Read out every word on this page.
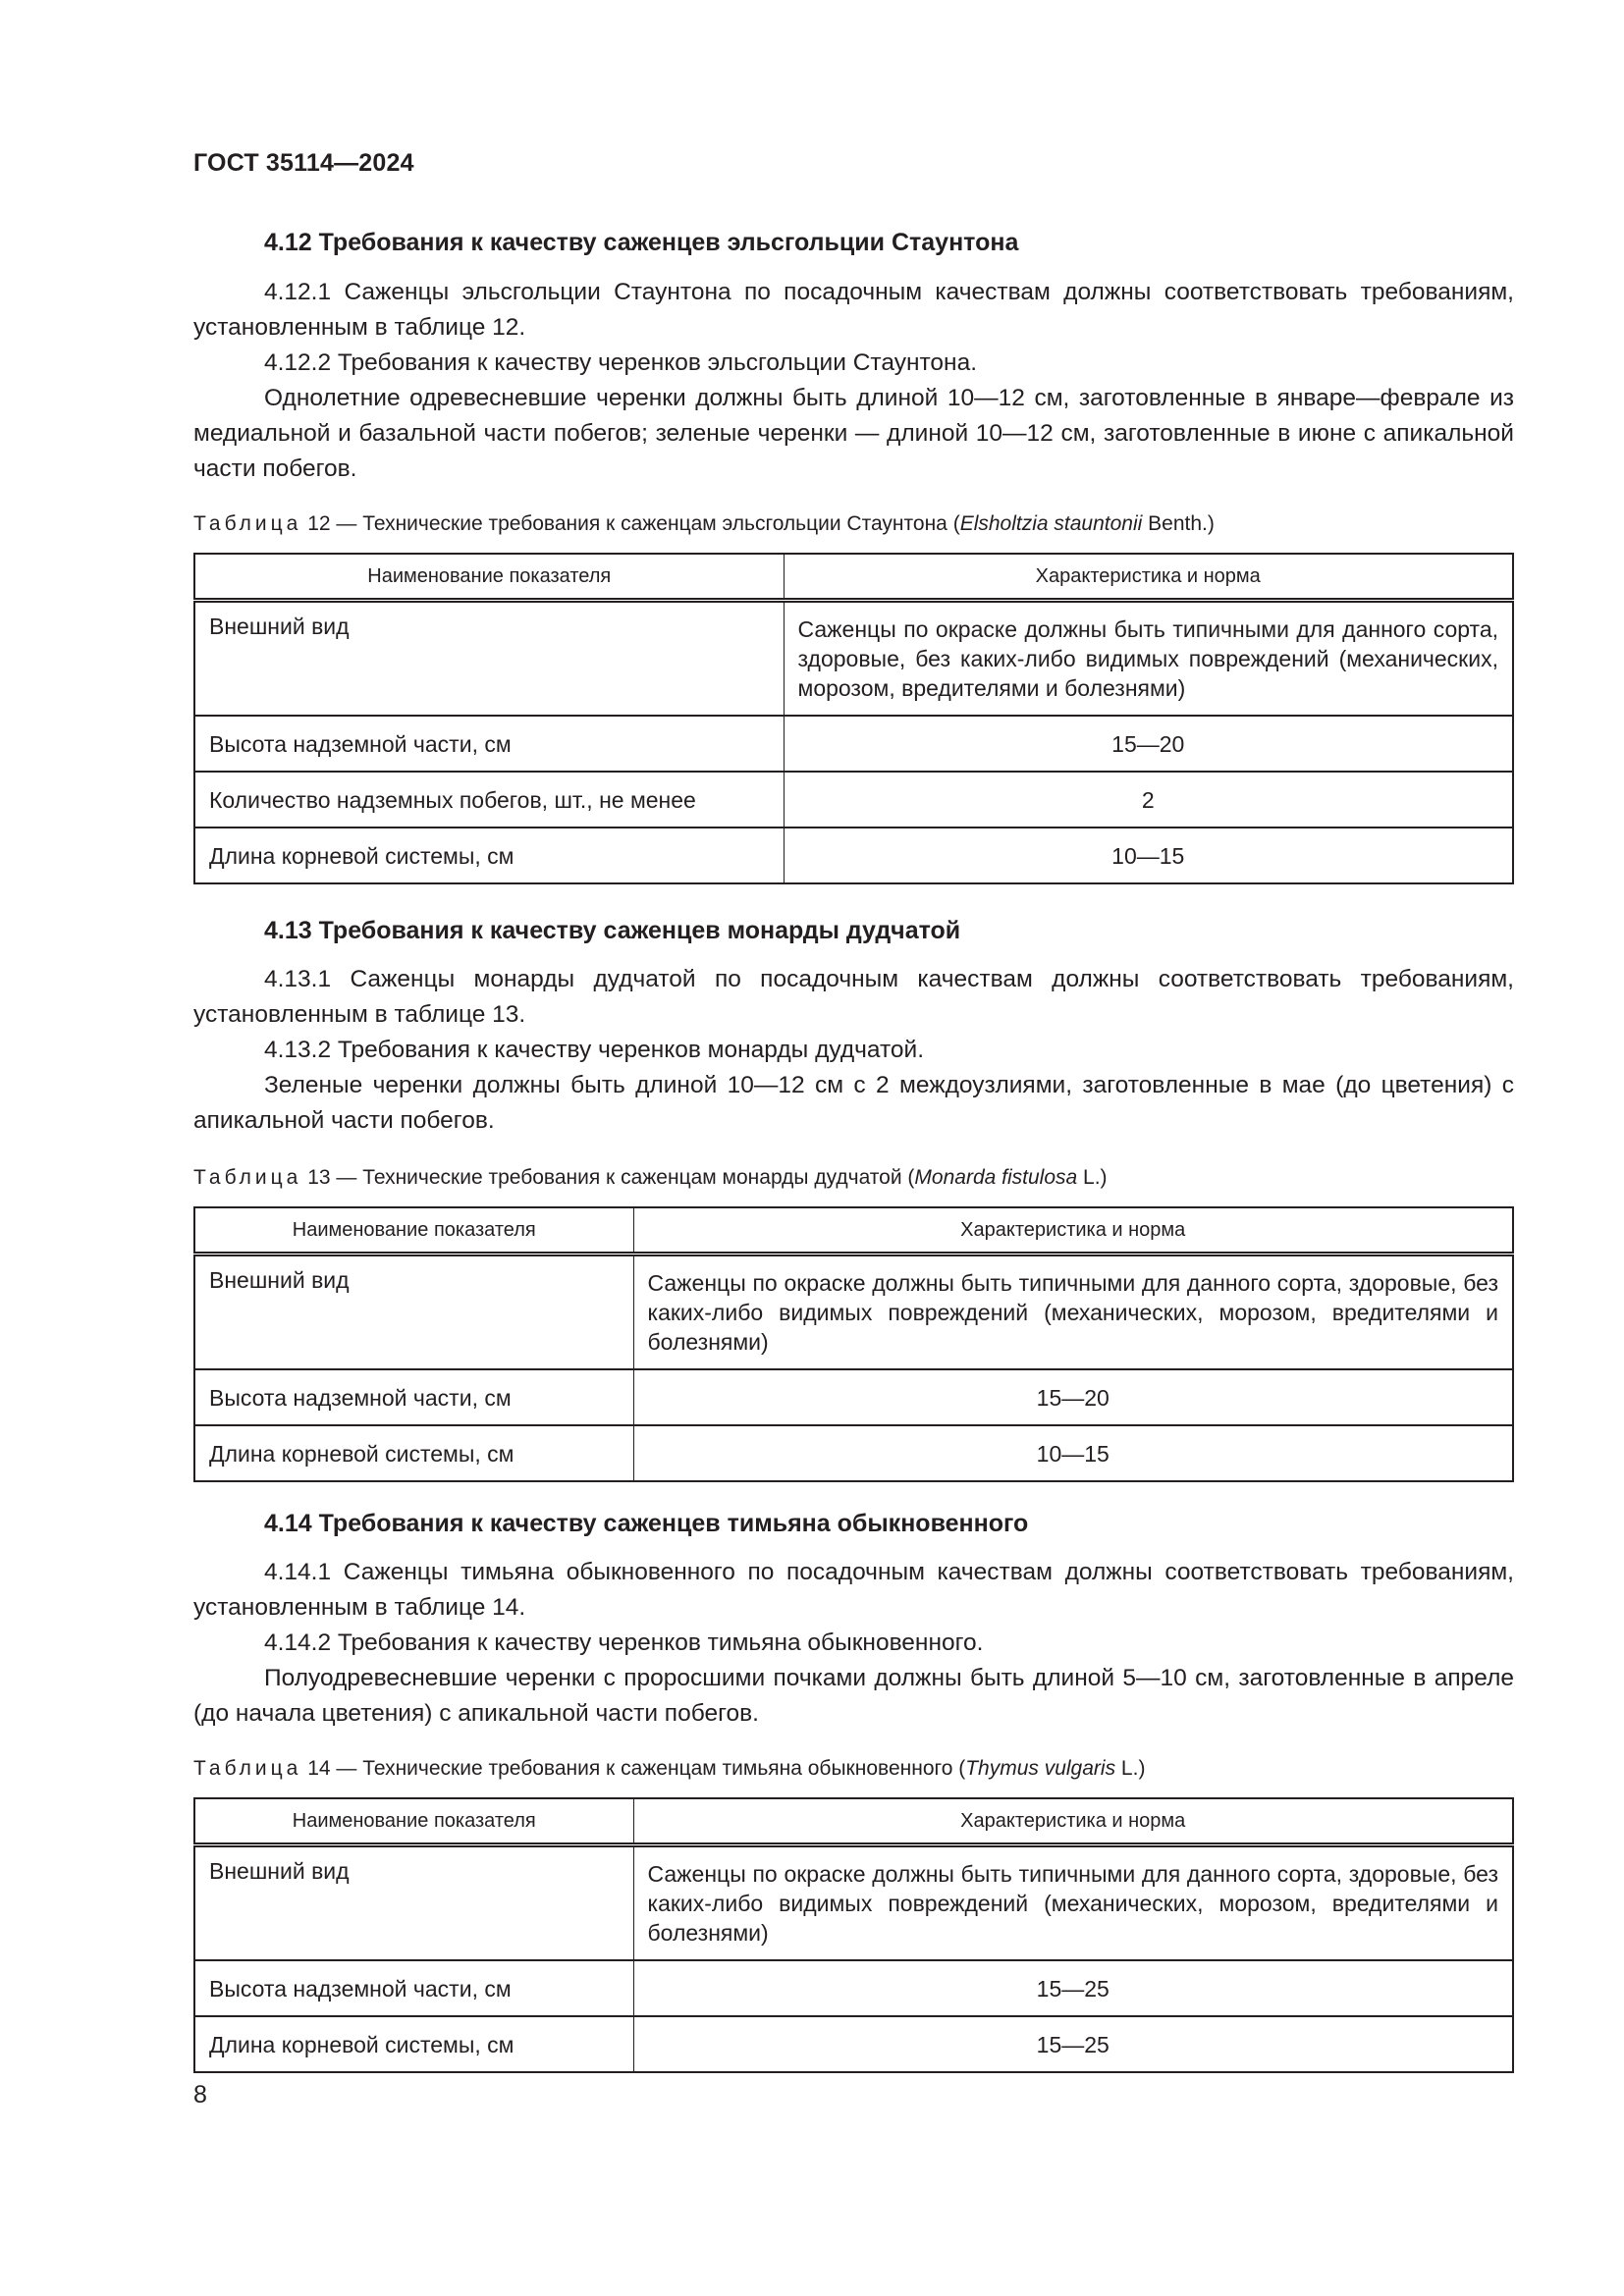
ГОСТ 35114—2024
4.12 Требования к качеству саженцев эльсгольции Стаунтона

4.12.1 Саженцы эльсгольции Стаунтона по посадочным качествам должны соответствовать требованиям, установленным в таблице 12.

4.12.2 Требования к качеству черенков эльсгольции Стаунтона.

Однолетние одревесневшие черенки должны быть длиной 10—12 см, заготовленные в январе—феврале из медиальной и базальной части побегов; зеленые черенки — длиной 10—12 см, заготовленные в июне с апикальной части побегов.

Таблица 12 — Технические требования к саженцам эльсгольции Стаунтона (Elsholtzia stauntonii Benth.)

Наименование показателя	Характеристика и норма
Внешний вид	Саженцы по окраске должны быть типичными для данного сорта, здоровые, без каких-либо видимых повреждений (механических, морозом, вредителями и болезнями)
Высота надземной части, см	15—20
Количество надземных побегов, шт., не менее	2
Длина корневой системы, см	10—15
4.13 Требования к качеству саженцев монарды дудчатой

4.13.1 Саженцы монарды дудчатой по посадочным качествам должны соответствовать требованиям, установленным в таблице 13.

4.13.2 Требования к качеству черенков монарды дудчатой.

Зеленые черенки должны быть длиной 10—12 см с 2 междоузлиями, заготовленные в мае (до цветения) с апикальной части побегов.

Таблица 13 — Технические требования к саженцам монарды дудчатой (Monarda fistulosa L.)

Наименование показателя	Характеристика и норма
Внешний вид	Саженцы по окраске должны быть типичными для данного сорта, здоровые, без каких-либо видимых повреждений (механических, морозом, вредителями и болезнями)
Высота надземной части, см	15—20
Длина корневой системы, см	10—15
4.14 Требования к качеству саженцев тимьяна обыкновенного

4.14.1 Саженцы тимьяна обыкновенного по посадочным качествам должны соответствовать требованиям, установленным в таблице 14.

4.14.2 Требования к качеству черенков тимьяна обыкновенного.

Полуодревесневшие черенки с проросшими почками должны быть длиной 5—10 см, заготовленные в апреле (до начала цветения) с апикальной части побегов.

Таблица 14 — Технические требования к саженцам тимьяна обыкновенного (Thymus vulgaris L.)

Наименование показателя	Характеристика и норма
Внешний вид	Саженцы по окраске должны быть типичными для данного сорта, здоровые, без каких-либо видимых повреждений (механических, морозом, вредителями и болезнями)
Высота надземной части, см	15—25
Длина корневой системы, см	15—25
8
